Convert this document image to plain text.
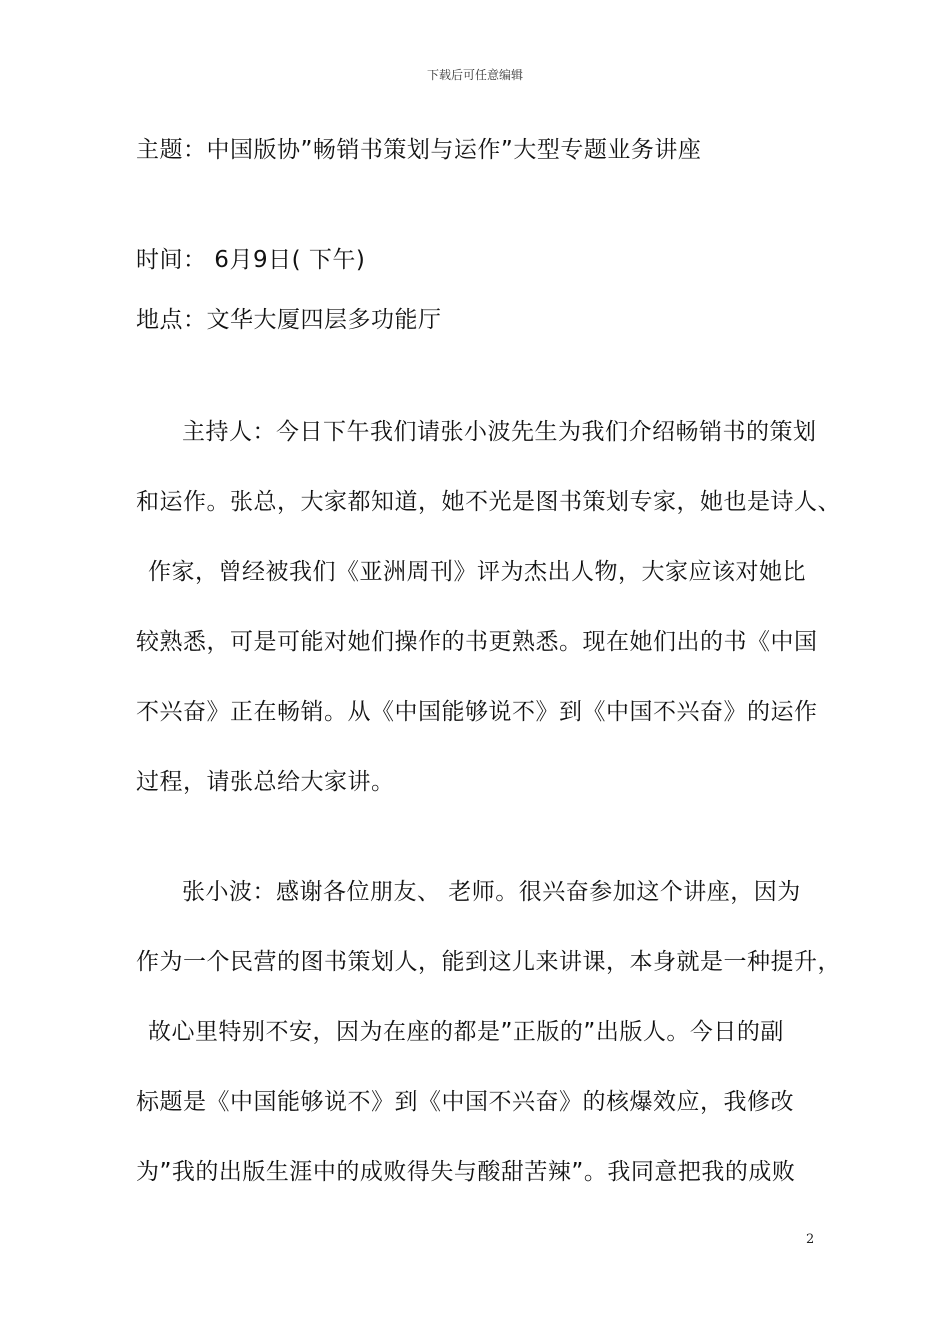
下载后可任意编辑
主题：中国版协”畅销书策划与运作”大型专题业务讲座
时间： 6月9日( 下午)
地点：文华大厦四层多功能厅
主持人：今日下午我们请张小波先生为我们介绍畅销书的策划
和运作。张总，大家都知道，她不光是图书策划专家，她也是诗人、
作家，曾经被我们《亚洲周刊》评为杰出人物，大家应该对她比
较熟悉，可是可能对她们操作的书更熟悉。现在她们出的书《中国
不兴奋》正在畅销。从《中国能够说不》到《中国不兴奋》的运作
过程，请张总给大家讲。
张小波：感谢各位朋友、 老师。很兴奋参加这个讲座，因为
作为一个民营的图书策划人，能到这儿来讲课，本身就是一种提升，
故心里特别不安，因为在座的都是”正版的”出版人。今日的副
标题是《中国能够说不》到《中国不兴奋》的核爆效应，我修改
为”我的出版生涯中的成败得失与酸甜苦辣”。我同意把我的成败
2
